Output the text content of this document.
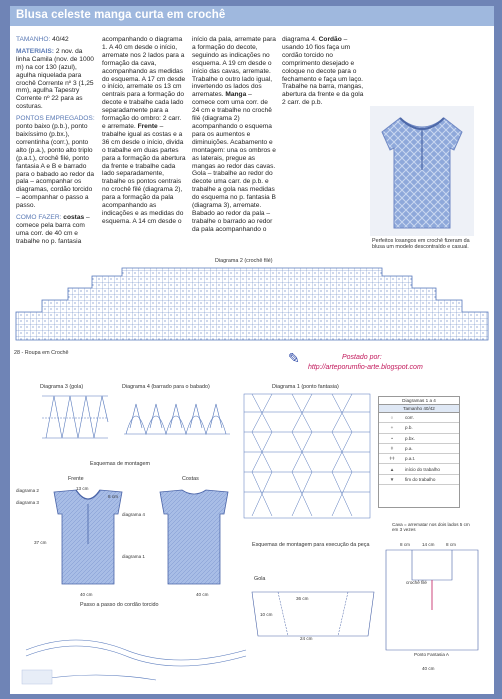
Blusa celeste manga curta em crochê

TAMANHO: 40/42

MATERIAIS: 2 nov. da linha Camila (nov. de 1000 m) na cor 130 (azul), agulha niquelada para crochê Corrente nº 3 (1,25 mm), agulha Tapestry Corrente nº 22 para as costuras.

PONTOS EMPREGADOS: ponto baixo (p.b.), ponto baixíssimo (p.bx.), correntinha (corr.), ponto alto (p.a.), ponto alto triplo (p.a.t.), crochê filé, ponto fantasia A e B e barrado para o babado ao redor da pala – acompanhar os diagramas, cordão torcido – acompanhar o passo a passo.

COMO FAZER: costas – comece pela barra com uma corr. de 40 cm e trabalhe no p. fantasia

acompanhando o diagrama 1. A 40 cm desde o início, arremate nos 2 lados para a formação da cava, acompanhando as medidas do esquema. A 17 cm desde o início, arremate os 13 cm centrais para a formação do decote e trabalhe cada lado separadamente para a formação do ombro: 2 carr. e arremate. Frente – trabalhe igual as costas e a 36 cm desde o início, divida o trabalhe em duas partes para a formação da abertura da frente e trabalhe cada lado separadamente, trabalhe os pontos centrais no crochê filé (diagrama 2), para a formação da pala acompanhando as indicações e as medidas do esquema. A 14 cm desde o

início da pala, arremate para a formação do decote, seguindo as indicações no esquema. A 19 cm desde o início das cavas, arremate. Trabalhe o outro lado igual, invertendo os lados dos arremates. Manga – comece com uma corr. de 24 cm e trabalhe no crochê filé (diagrama 2) acompanhando o esquema para os aumentos e diminuições. Acabamento e montagem: una os ombros e as laterais, pregue as mangas ao redor das cavas. Gola – trabalhe ao redor do decote uma carr. de p.b. e trabalhe a gola nas medidas do esquema no p. fantasia B (diagrama 3), arremate. Babado ao redor da pala –trabalhe o barrado ao redor da pala acompanhando o

diagrama 4. Cordão – usando 10 fios faça um cordão torcido no comprimento desejado e coloque no decote para o fechamento e faça um laço. Trabalhe na barra, mangas, abertura da frente e da gola 2 carr. de p.b.

Perfeitos losangos em crochê fizeram da blusa um modelo descontraído e casual.
Diagrama 2 (crochê filé)
28 - Roupa em Crochê	✎	Postado por:
http://arteporumfio-arte.blogspot.com
Diagrama 3 (gola)	Diagrama 4 (barrado para o babado)	Diagrama 1 (ponto fantasia)
Diagramas 1 a 4
Tamanho 40/42
○	corr.
+	p.b.
•	p.bx.
ǂ	p.a.
ǂǂ	p.a.t.
▲	início do trabalho
▼	fim do trabalho
Esquemas de montagem
Frente	Costas
diagrama 2
diagrama 3
diagrama 4
diagrama 1
13 cm
8 cm
37 cm
40 cm	40 cm
Esquemas de montagem para execução da peça
Gola
36 cm
10 cm
24 cm
Cava = arrematar nos dois lados 5 cm em 3 vezes
8 cm	14 cm 8 cm
crochê filé
Ponto Fantasia A
40 cm
Passo a passo do cordão torcido
